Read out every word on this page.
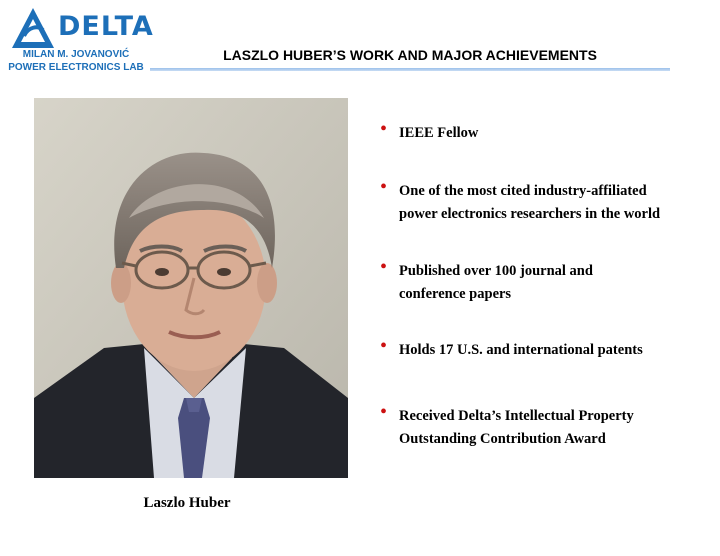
DELTA
MILAN M. JOVANOVIĆ
POWER ELECTRONICS LAB
LASZLO HUBER’S WORK AND MAJOR ACHIEVEMENTS
Laszlo Huber
• IEEE Fellow
• One of the most cited industry-affiliated
power electronics researchers in the world
• Published over 100 journal and
conference papers
• Holds 17 U.S. and international patents
• Received Delta’s Intellectual Property
Outstanding Contribution Award
